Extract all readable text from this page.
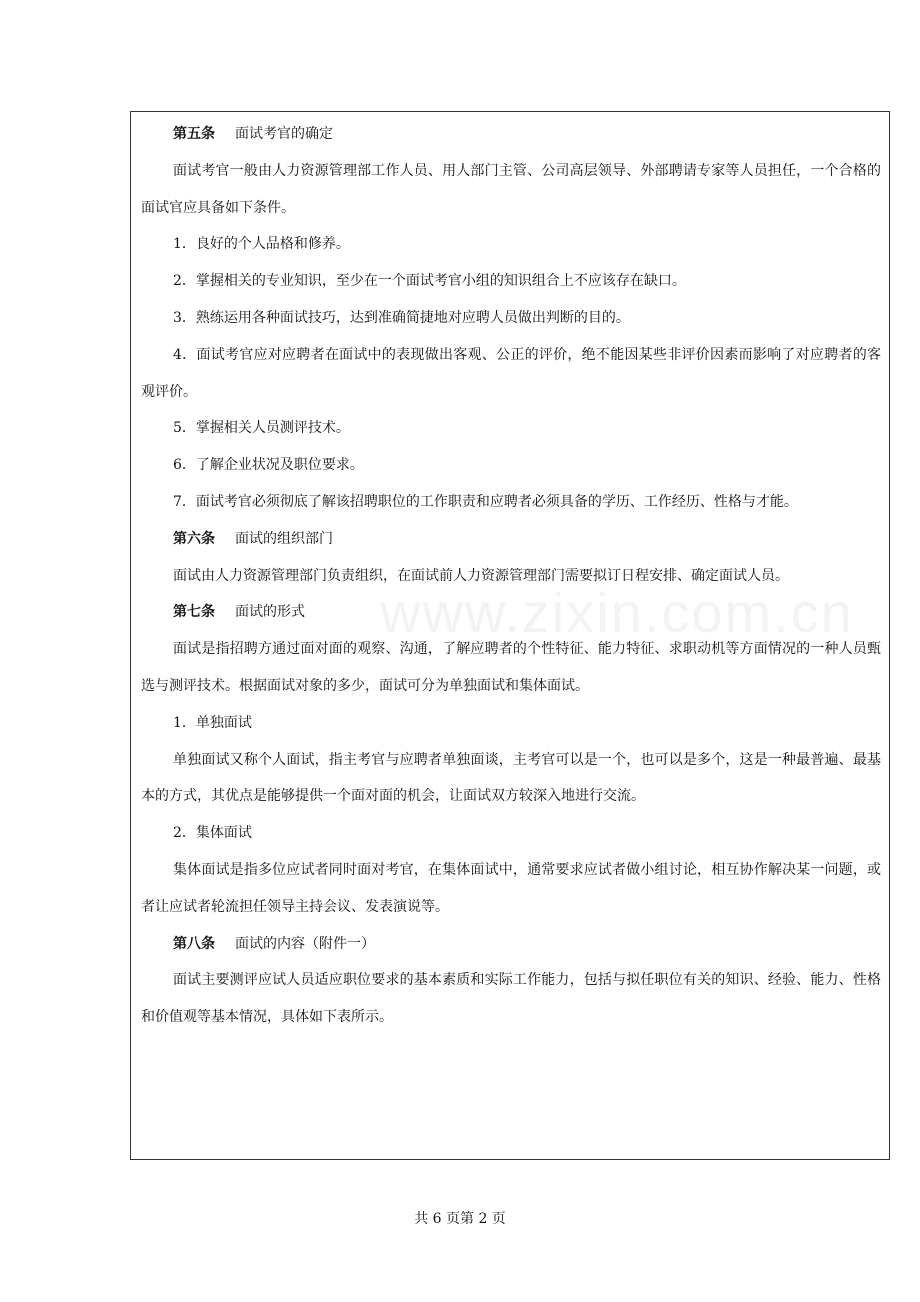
第五条 面试考官的确定
面试考官一般由人力资源管理部工作人员、用人部门主管、公司高层领导、外部聘请专家等人员担任，一个合格的面试官应具备如下条件。
1．良好的个人品格和修养。
2．掌握相关的专业知识，至少在一个面试考官小组的知识组合上不应该存在缺口。
3．熟练运用各种面试技巧，达到准确简捷地对应聘人员做出判断的目的。
4．面试考官应对应聘者在面试中的表现做出客观、公正的评价，绝不能因某些非评价因素而影响了对应聘者的客观评价。
5．掌握相关人员测评技术。
6．了解企业状况及职位要求。
7．面试考官必须彻底了解该招聘职位的工作职责和应聘者必须具备的学历、工作经历、性格与才能。
第六条 面试的组织部门
面试由人力资源管理部门负责组织，在面试前人力资源管理部门需要拟订日程安排、确定面试人员。
第七条 面试的形式
面试是指招聘方通过面对面的观察、沟通，了解应聘者的个性特征、能力特征、求职动机等方面情况的一种人员甄选与测评技术。根据面试对象的多少，面试可分为单独面试和集体面试。
1．单独面试
单独面试又称个人面试，指主考官与应聘者单独面谈，主考官可以是一个，也可以是多个，这是一种最普遍、最基本的方式，其优点是能够提供一个面对面的机会，让面试双方较深入地进行交流。
2．集体面试
集体面试是指多位应试者同时面对考官，在集体面试中，通常要求应试者做小组讨论，相互协作解决某一问题，或者让应试者轮流担任领导主持会议、发表演说等。
第八条 面试的内容（附件一）
面试主要测评应试人员适应职位要求的基本素质和实际工作能力，包括与拟任职位有关的知识、经验、能力、性格和价值观等基本情况，具体如下表所示。
www.zixin.com.cn
共 6 页第 2 页
